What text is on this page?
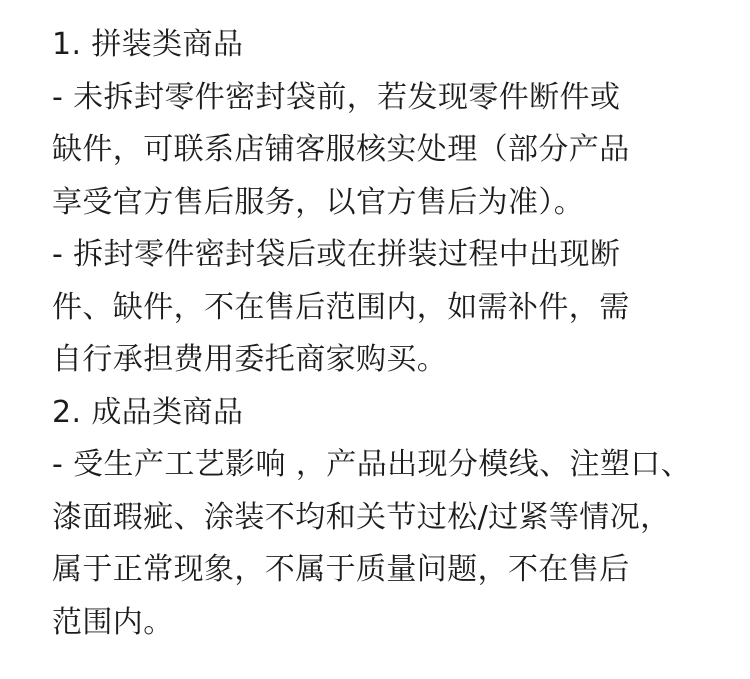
1. 拼装类商品
- 未拆封零件密封袋前，若发现零件断件或
缺件，可联系店铺客服核实处理（部分产品
享受官方售后服务，以官方售后为准）。
- 拆封零件密封袋后或在拼装过程中出现断
件、缺件，不在售后范围内，如需补件，需
自行承担费用委托商家购买。
2. 成品类商品
- 受生产工艺影响 ，产品出现分模线、注塑口、
漆面瑕疵、涂装不均和关节过松/过紧等情况，
属于正常现象，不属于质量问题，不在售后
范围内。
